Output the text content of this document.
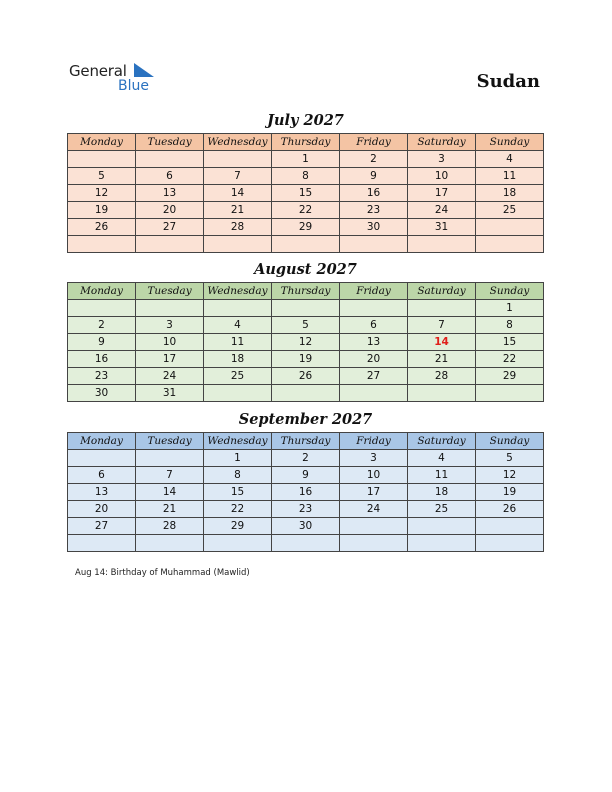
General
Blue	Sudan
July 2027
Monday	Tuesday	Wednesday	Thursday	Friday	Saturday	Sunday
			1	2	3	4
5	6	7	8	9	10	11
12	13	14	15	16	17	18
19	20	21	22	23	24	25
26	27	28	29	30	31	

August 2027
Monday	Tuesday	Wednesday	Thursday	Friday	Saturday	Sunday
						1
2	3	4	5	6	7	8
9	10	11	12	13	14	15
16	17	18	19	20	21	22
23	24	25	26	27	28	29
30	31					
September 2027
Monday	Tuesday	Wednesday	Thursday	Friday	Saturday	Sunday
		1	2	3	4	5
6	7	8	9	10	11	12
13	14	15	16	17	18	19
20	21	22	23	24	25	26
27	28	29	30			

Aug 14: Birthday of Muhammad (Mawlid)
